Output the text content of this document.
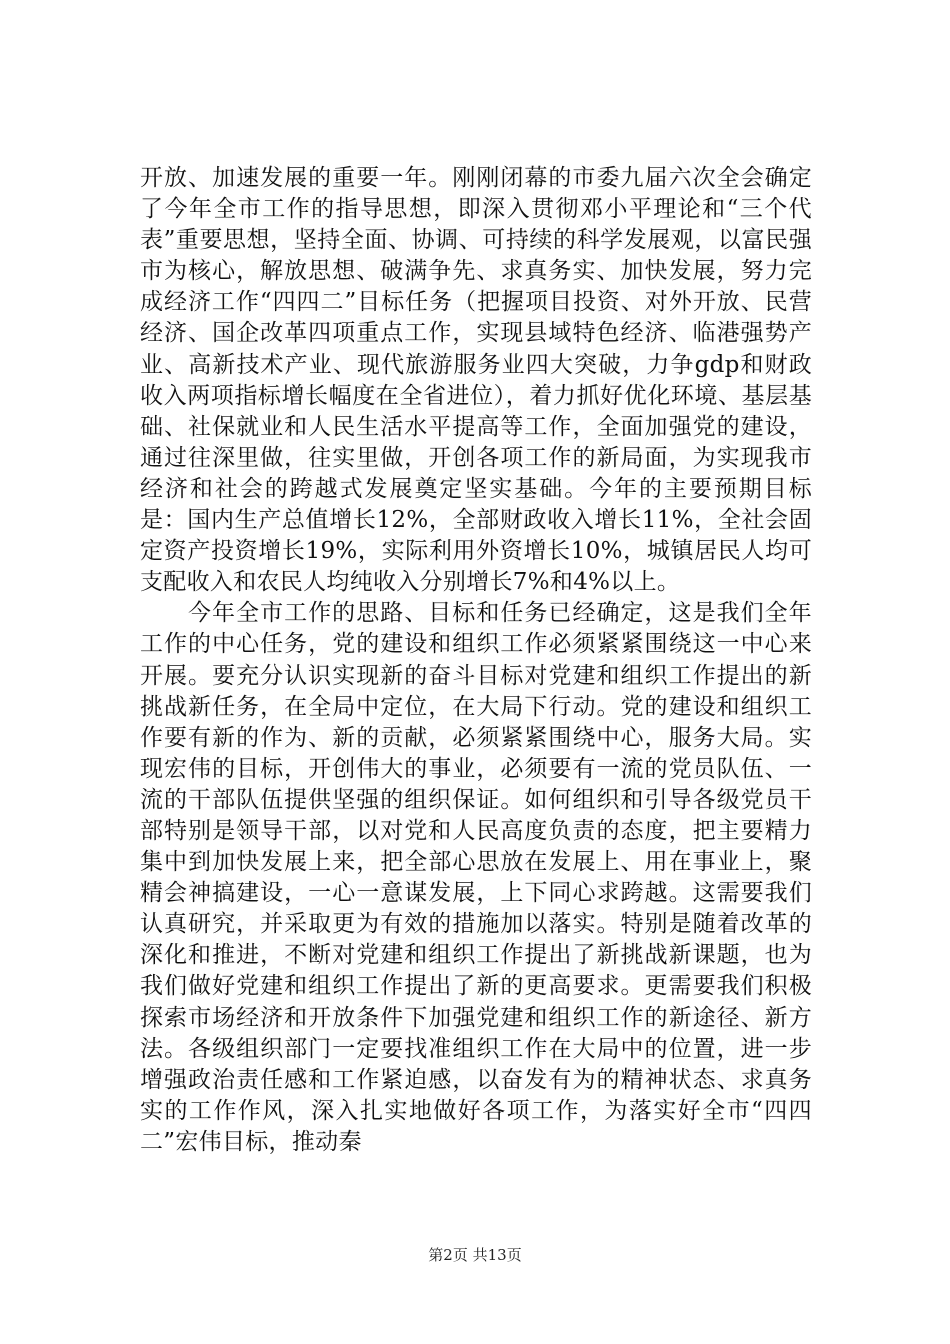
开放、加速发展的重要一年。刚刚闭幕的市委九届六次全会确定了今年全市工作的指导思想，即深入贯彻邓小平理论和“三个代表”重要思想，坚持全面、协调、可持续的科学发展观，以富民强市为核心，解放思想、破满争先、求真务实、加快发展，努力完成经济工作“四四二”目标任务（把握项目投资、对外开放、民营经济、国企改革四项重点工作，实现县域特色经济、临港强势产业、高新技术产业、现代旅游服务业四大突破，力争gdp和财政收入两项指标增长幅度在全省进位），着力抓好优化环境、基层基础、社保就业和人民生活水平提高等工作，全面加强党的建设，通过往深里做，往实里做，开创各项工作的新局面，为实现我市经济和社会的跨越式发展奠定坚实基础。今年的主要预期目标是：国内生产总值增长12%，全部财政收入增长11%，全社会固定资产投资增长19%，实际利用外资增长10%，城镇居民人均可支配收入和农民人均纯收入分别增长7%和4%以上。

今年全市工作的思路、目标和任务已经确定，这是我们全年工作的中心任务，党的建设和组织工作必须紧紧围绕这一中心来开展。要充分认识实现新的奋斗目标对党建和组织工作提出的新挑战新任务，在全局中定位，在大局下行动。党的建设和组织工作要有新的作为、新的贡献，必须紧紧围绕中心，服务大局。实现宏伟的目标，开创伟大的事业，必须要有一流的党员队伍、一流的干部队伍提供坚强的组织保证。如何组织和引导各级党员干部特别是领导干部，以对党和人民高度负责的态度，把主要精力集中到加快发展上来，把全部心思放在发展上、用在事业上，聚精会神搞建设，一心一意谋发展，上下同心求跨越。这需要我们认真研究，并采取更为有效的措施加以落实。特别是随着改革的深化和推进，不断对党建和组织工作提出了新挑战新课题，也为我们做好党建和组织工作提出了新的更高要求。更需要我们积极探索市场经济和开放条件下加强党建和组织工作的新途径、新方法。各级组织部门一定要找准组织工作在大局中的位置，进一步增强政治责任感和工作紧迫感，以奋发有为的精神状态、求真务实的工作作风，深入扎实地做好各项工作，为落实好全市“四四二”宏伟目标，推动秦

第2页 共13页
